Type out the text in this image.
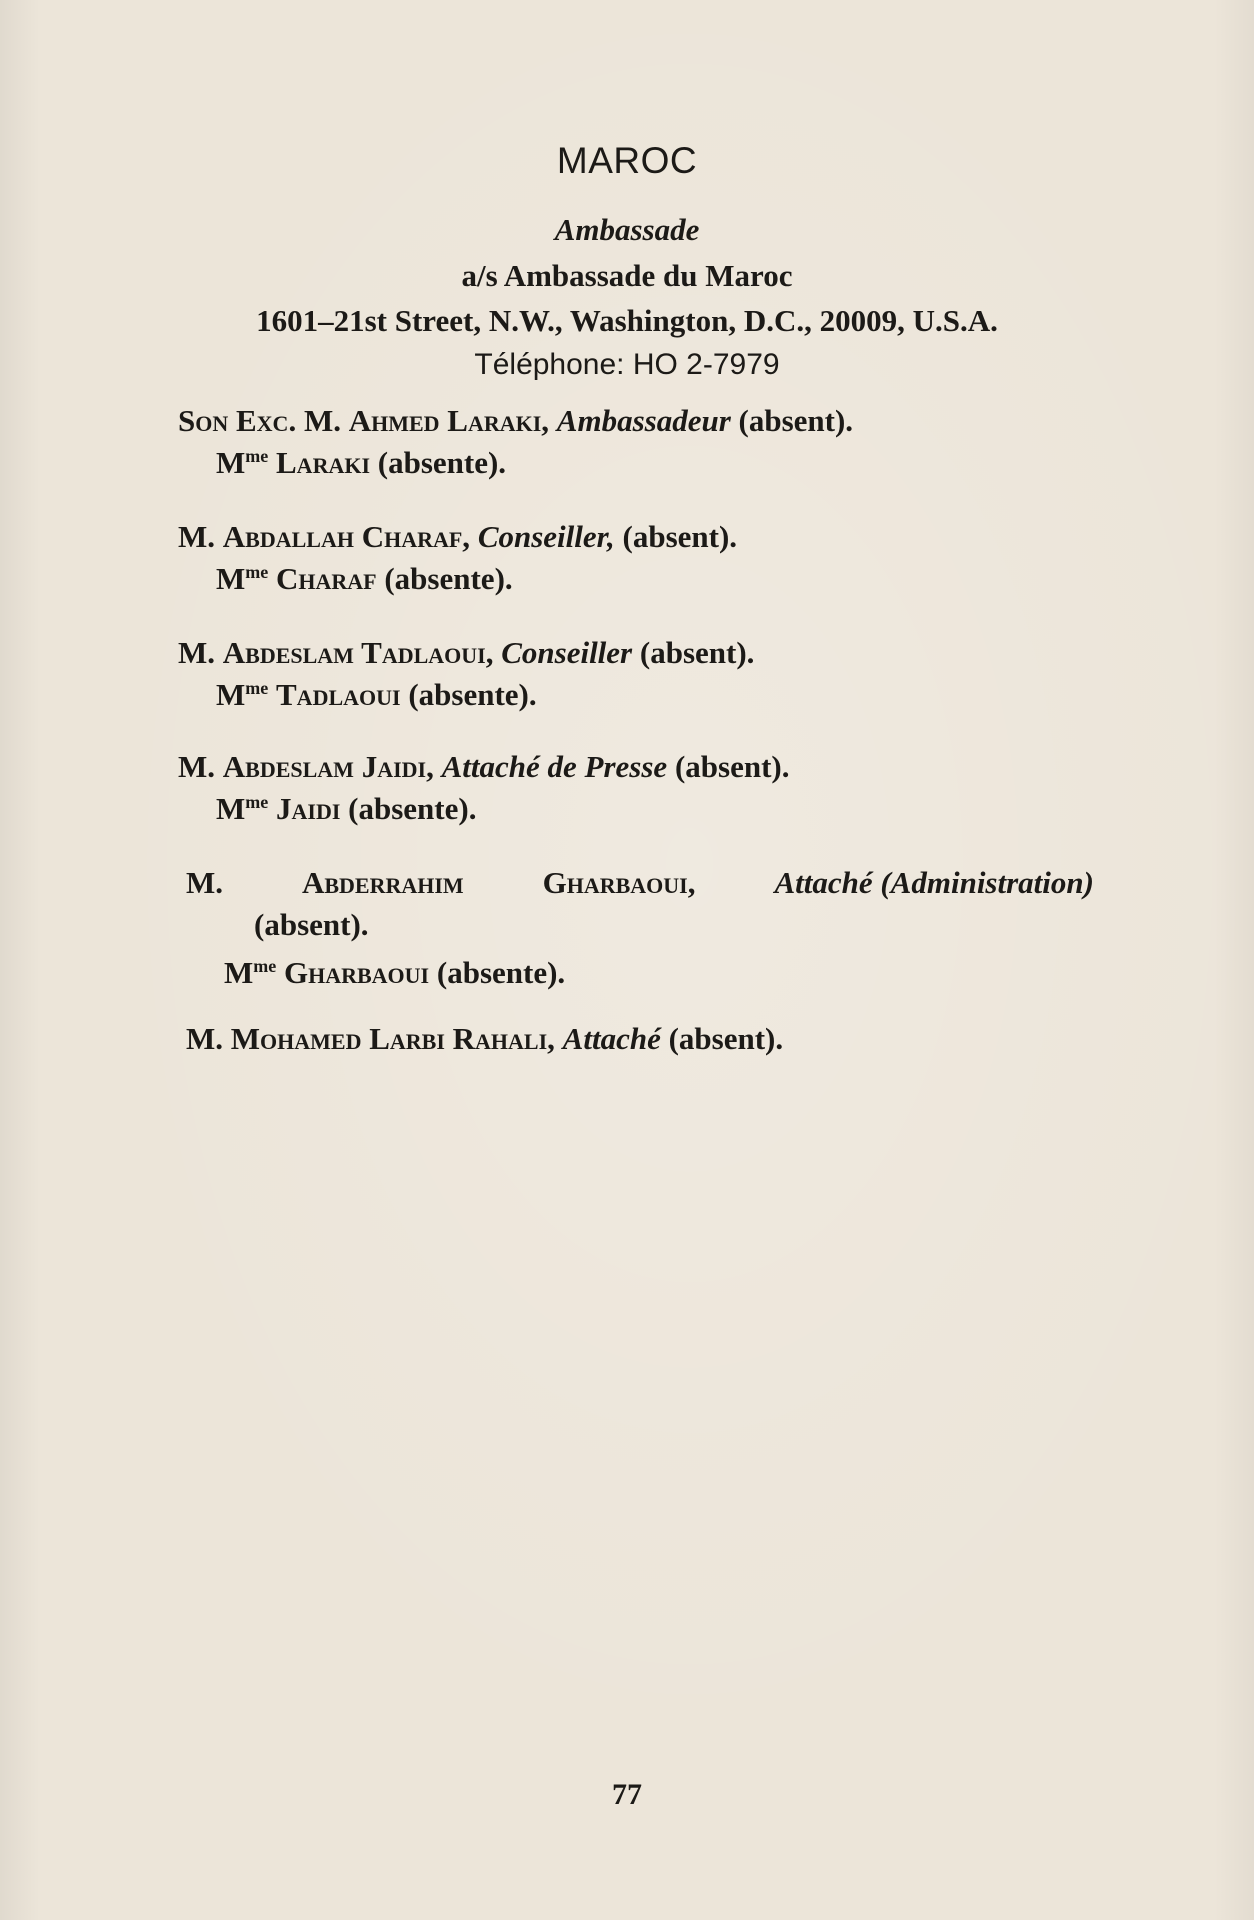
MAROC
Ambassade
a/s Ambassade du Maroc
1601–21st Street, N.W., Washington, D.C., 20009, U.S.A.
Téléphone: HO 2-7979
Son Exc. M. Ahmed Laraki, Ambassadeur (absent).
$M^{me}$ Laraki (absente).
M. Abdallah Charaf, Conseiller, (absent).
$M^{me}$ Charaf (absente).
M. Abdeslam Tadlaoui, Conseiller (absent).
$M^{me}$ Tadlaoui (absente).
M. Abdeslam Jaidi, Attaché de Presse (absent).
$M^{me}$ Jaidi (absente).
M.	Abderrahim	Gharbaoui,	Attaché (Administration)
(absent).
$M^{me}$ Gharbaoui (absente).
M. Mohamed Larbi Rahali, Attaché (absent).
77
